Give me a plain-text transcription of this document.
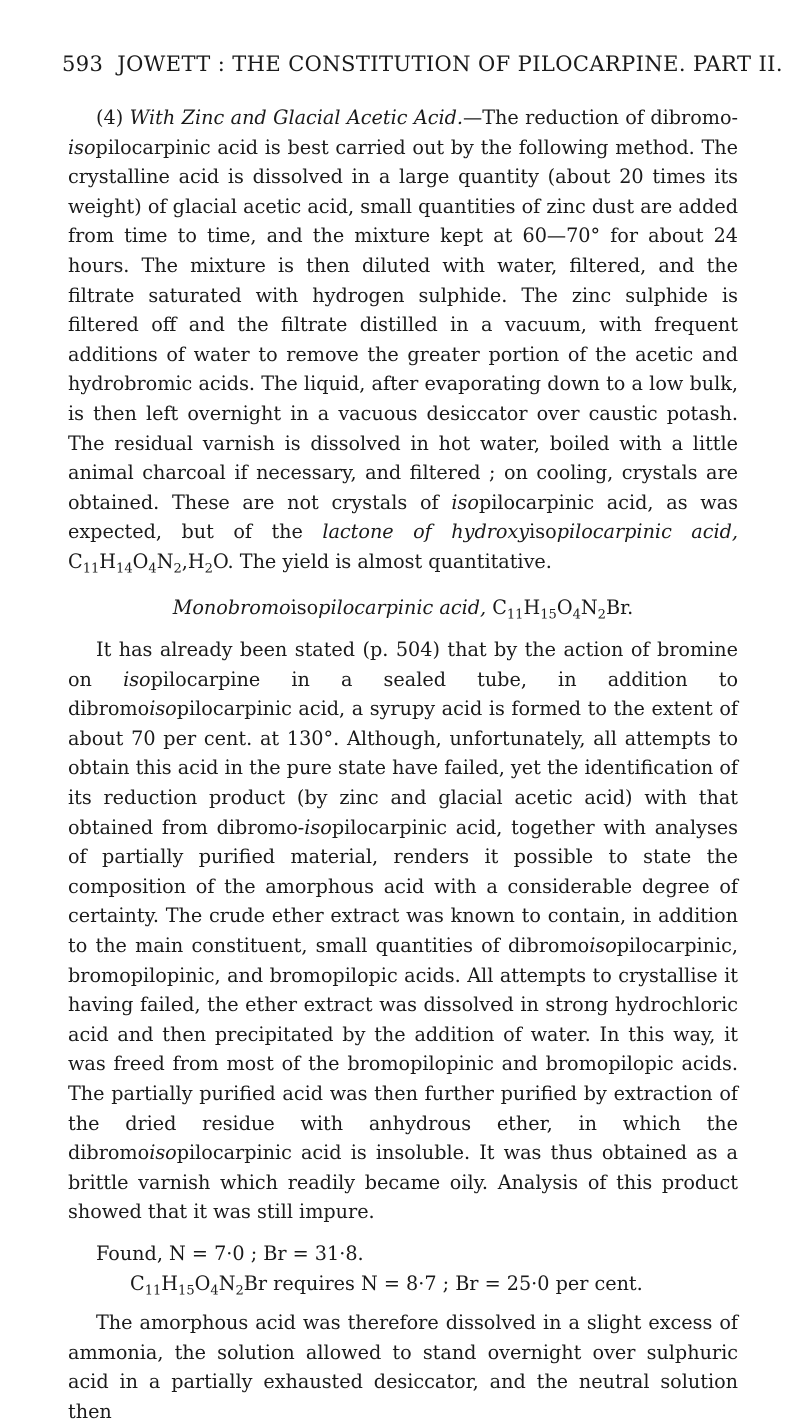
593 JOWETT : THE CONSTITUTION OF PILOCARPINE. PART II.

(4) With Zinc and Glacial Acetic Acid.—The reduction of dibromo-isopilocarpinic acid is best carried out by the following method. The crystalline acid is dissolved in a large quantity (about 20 times its weight) of glacial acetic acid, small quantities of zinc dust are added from time to time, and the mixture kept at 60—70° for about 24 hours. The mixture is then diluted with water, filtered, and the filtrate saturated with hydrogen sulphide. The zinc sulphide is filtered off and the filtrate distilled in a vacuum, with frequent additions of water to remove the greater portion of the acetic and hydrobromic acids. The liquid, after evaporating down to a low bulk, is then left overnight in a vacuous desiccator over caustic potash. The residual varnish is dissolved in hot water, boiled with a little animal charcoal if necessary, and filtered ; on cooling, crystals are obtained. These are not crystals of isopilocarpinic acid, as was expected, but of the lactone of hydroxyisopilocarpinic acid, $C_{11}H_{14}O_4N_2,H_2O$. The yield is almost quantitative.

Monobromoisopilocarpinic acid, $C_{11}H_{15}O_4N_2Br$.

It has already been stated (p. 504) that by the action of bromine on isopilocarpine in a sealed tube, in addition to dibromoisopilocarpinic acid, a syrupy acid is formed to the extent of about 70 per cent. at 130°. Although, unfortunately, all attempts to obtain this acid in the pure state have failed, yet the identification of its reduction product (by zinc and glacial acetic acid) with that obtained from dibromo-isopilocarpinic acid, together with analyses of partially purified material, renders it possible to state the composition of the amorphous acid with a considerable degree of certainty. The crude ether extract was known to contain, in addition to the main constituent, small quantities of dibromoisopilocarpinic, bromopilopinic, and bromopilopic acids. All attempts to crystallise it having failed, the ether extract was dissolved in strong hydrochloric acid and then precipitated by the addition of water. In this way, it was freed from most of the bromopilopinic and bromopilopic acids. The partially purified acid was then further purified by extraction of the dried residue with anhydrous ether, in which the dibromoisopilocarpinic acid is insoluble. It was thus obtained as a brittle varnish which readily became oily. Analysis of this product showed that it was still impure.

Found, N = 7·0 ; Br = 31·8.

$C_{11}H_{15}O_4N_2Br$ requires N = 8·7 ; Br = 25·0 per cent.

The amorphous acid was therefore dissolved in a slight excess of ammonia, the solution allowed to stand overnight over sulphuric acid in a partially exhausted desiccator, and the neutral solution then
